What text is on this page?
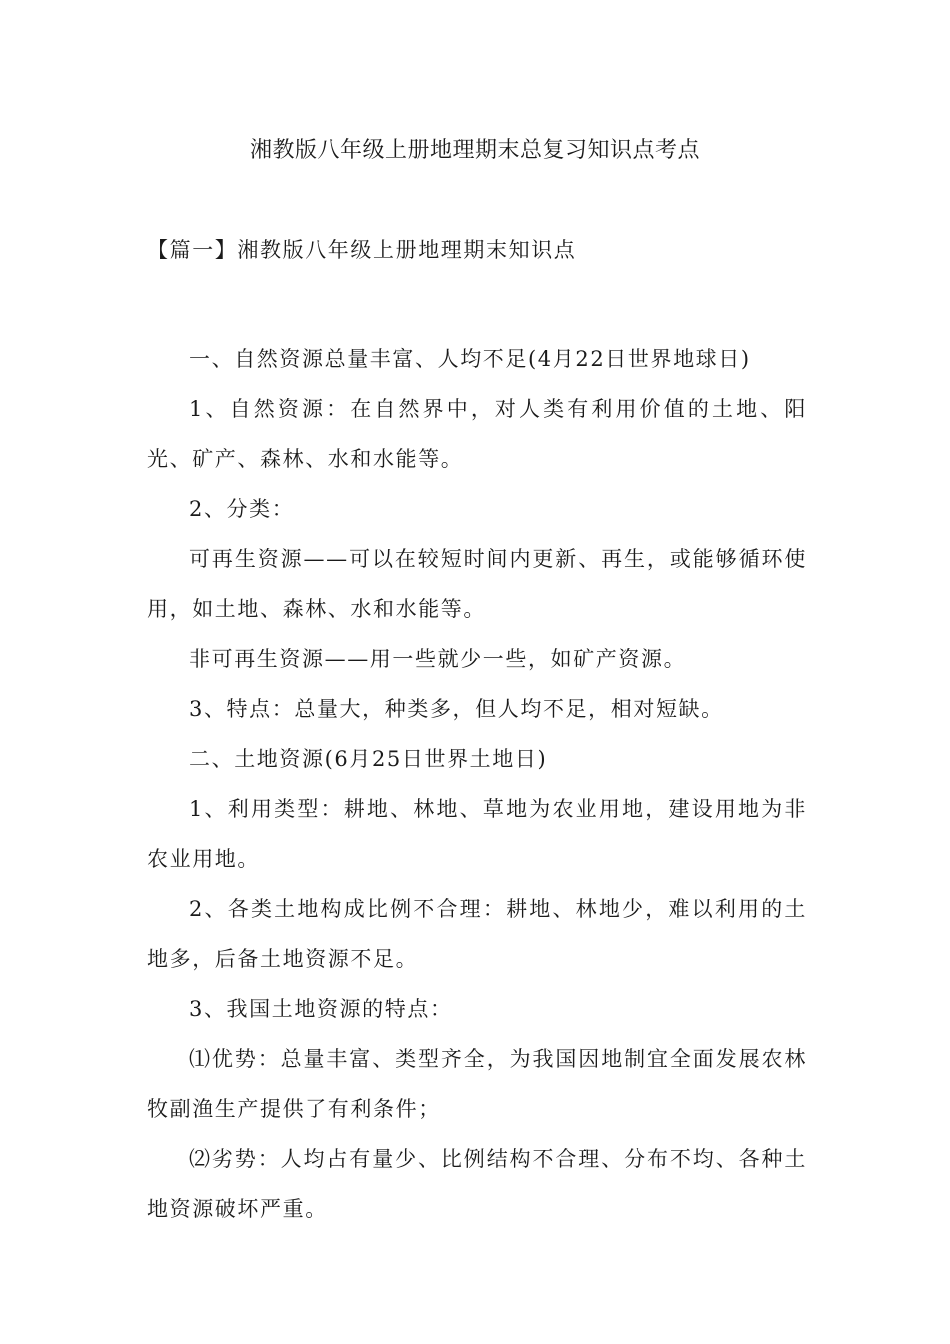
湘教版八年级上册地理期末总复习知识点考点
【篇一】湘教版八年级上册地理期末知识点

一、自然资源总量丰富、人均不足(4月22日世界地球日)

1、自然资源：在自然界中，对人类有利用价值的土地、阳光、矿产、森林、水和水能等。

2、分类：

可再生资源——可以在较短时间内更新、再生，或能够循环使用，如土地、森林、水和水能等。

非可再生资源——用一些就少一些，如矿产资源。

3、特点：总量大，种类多，但人均不足，相对短缺。

二、土地资源(6月25日世界土地日)

1、利用类型：耕地、林地、草地为农业用地，建设用地为非农业用地。

2、各类土地构成比例不合理：耕地、林地少，难以利用的土地多，后备土地资源不足。

3、我国土地资源的特点：

⑴优势：总量丰富、类型齐全，为我国因地制宜全面发展农林牧副渔生产提供了有利条件；

⑵劣势：人均占有量少、比例结构不合理、分布不均、各种土地资源破坏严重。
